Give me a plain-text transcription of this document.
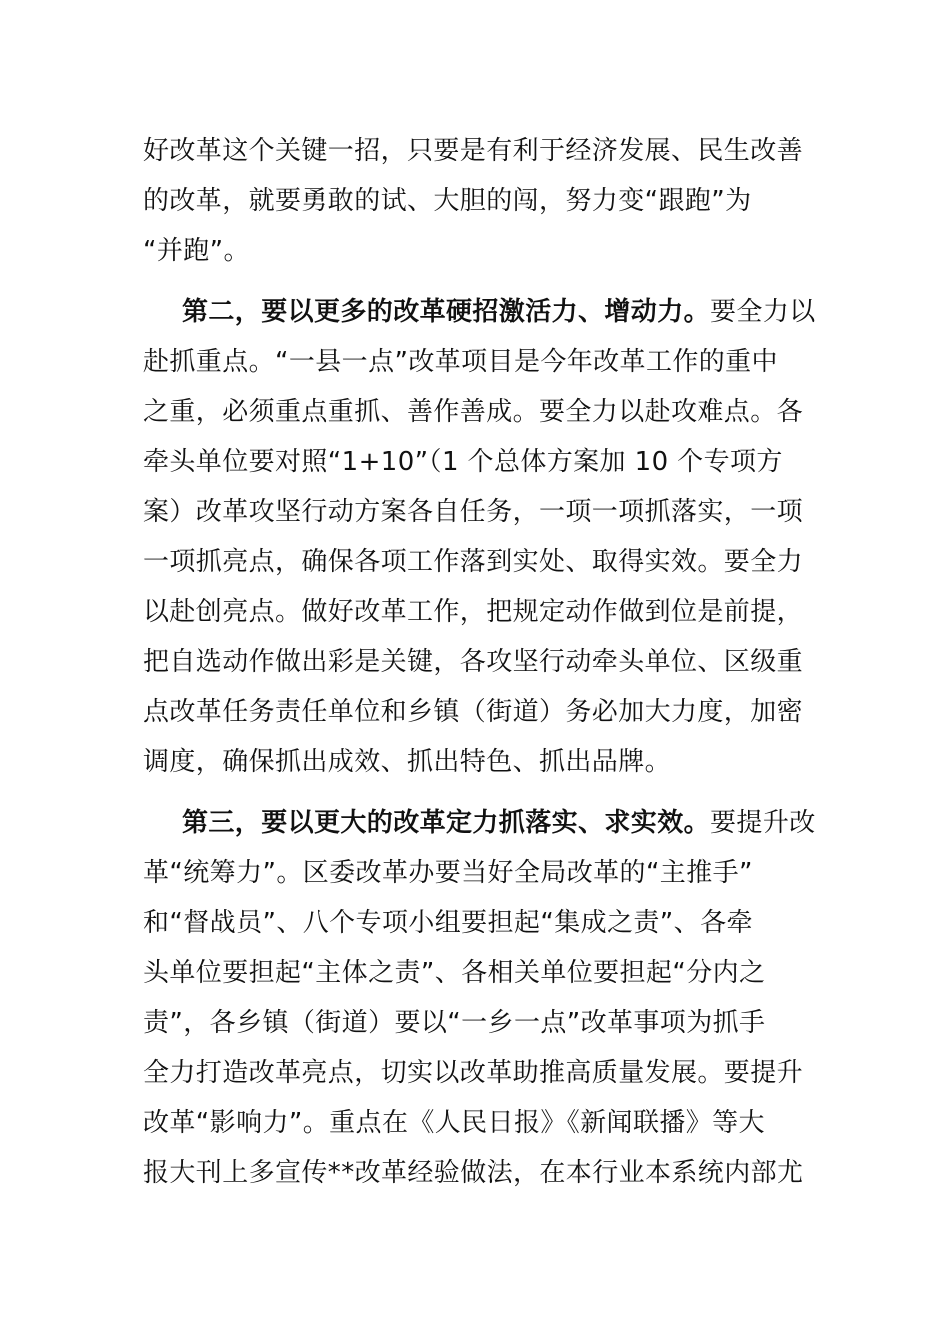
好改革这个关键一招，只要是有利于经济发展、民生改善
的改革，就要勇敢的试、大胆的闯，努力变“跟跑”为
“并跑”。
第二，要以更多的改革硬招激活力、增动力。要全力以
赴抓重点。“一县一点”改革项目是今年改革工作的重中
之重，必须重点重抓、善作善成。要全力以赴攻难点。各
牵头单位要对照“1+10”（1 个总体方案加 10 个专项方
案）改革攻坚行动方案各自任务，一项一项抓落实，一项
一项抓亮点，确保各项工作落到实处、取得实效。要全力
以赴创亮点。做好改革工作，把规定动作做到位是前提，
把自选动作做出彩是关键，各攻坚行动牵头单位、区级重
点改革任务责任单位和乡镇（街道）务必加大力度，加密
调度，确保抓出成效、抓出特色、抓出品牌。
第三，要以更大的改革定力抓落实、求实效。要提升改
革“统筹力”。区委改革办要当好全局改革的“主推手”
和“督战员”、八个专项小组要担起“集成之责”、各牵
头单位要担起“主体之责”、各相关单位要担起“分内之
责”，各乡镇（街道）要以“一乡一点”改革事项为抓手
全力打造改革亮点，切实以改革助推高质量发展。要提升
改革“影响力”。重点在《人民日报》《新闻联播》等大
报大刊上多宣传**改革经验做法，在本行业本系统内部尤
